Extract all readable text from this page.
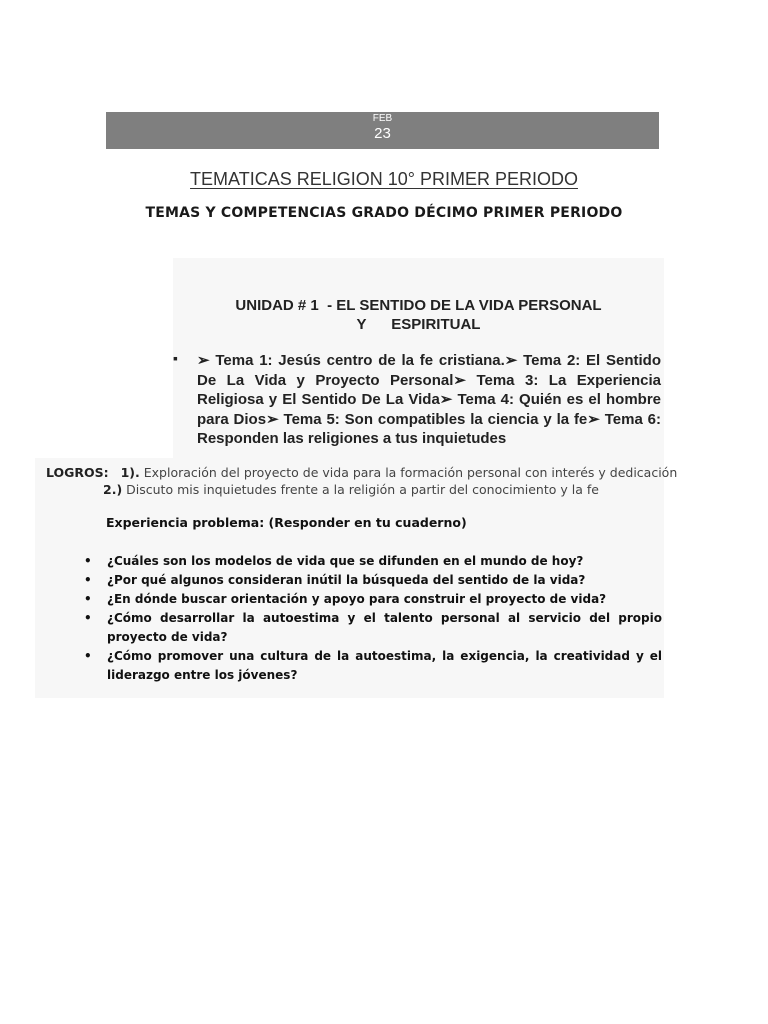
FEB
23
TEMATICAS RELIGION 10° PRIMER PERIODO
TEMAS Y COMPETENCIAS GRADO DÉCIMO PRIMER PERIODO
UNIDAD # 1  - EL SENTIDO DE LA VIDA PERSONAL
Y      ESPIRITUAL
▪ ➢ Tema 1: Jesús centro de la fe cristiana.➢ Tema 2: El Sentido De La Vida y Proyecto Personal➢ Tema 3: La Experiencia Religiosa y El Sentido De La Vida➢ Tema 4: Quién es el hombre para Dios➢ Tema 5: Son compatibles la ciencia y la fe➢ Tema 6: Responden las religiones a tus inquietudes
LOGROS: 1). Exploración del proyecto de vida para la formación personal con interés y dedicación
2.) Discuto mis inquietudes frente a la religión a partir del conocimiento y la fe
Experiencia problema: (Responder en tu cuaderno)
• ¿Cuáles son los modelos de vida que se difunden en el mundo de hoy?
• ¿Por qué algunos consideran inútil la búsqueda del sentido de la vida?
• ¿En dónde buscar orientación y apoyo para construir el proyecto de vida?
• ¿Cómo desarrollar la autoestima y el talento personal al servicio del propio proyecto de vida?
• ¿Cómo promover una cultura de la autoestima, la exigencia, la creatividad y el liderazgo entre los jóvenes?
